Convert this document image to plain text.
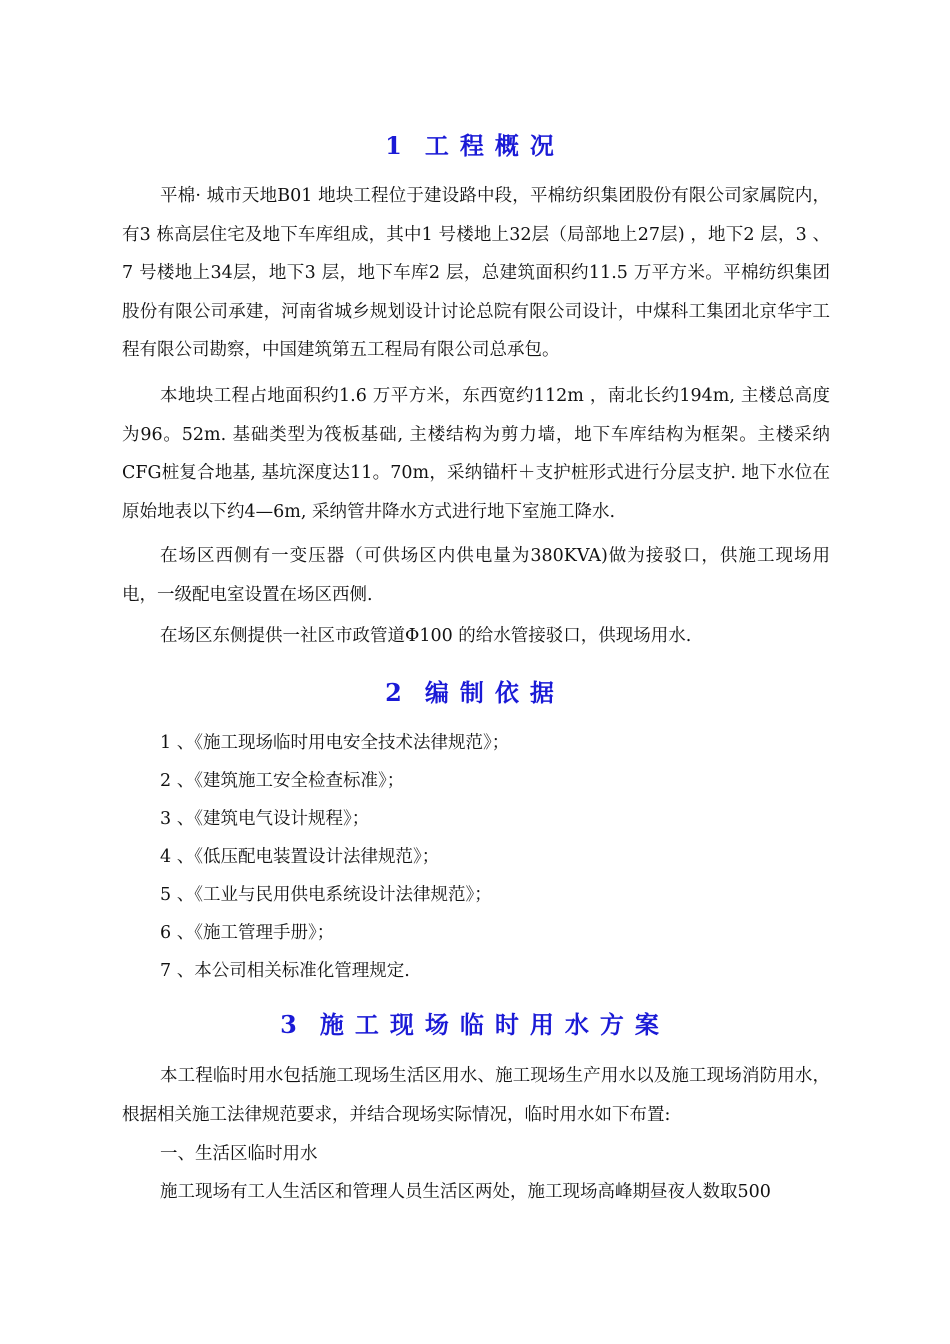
1 工程概况

平棉· 城市天地B01 地块工程位于建设路中段，平棉纺织集团股份有限公司家属院内，有3 栋高层住宅及地下车库组成，其中1 号楼地上32层（局部地上27层) ，地下2 层，3 、7 号楼地上34层，地下3 层，地下车库2 层，总建筑面积约11.5 万平方米。平棉纺织集团股份有限公司承建，河南省城乡规划设计讨论总院有限公司设计，中煤科工集团北京华宇工程有限公司勘察，中国建筑第五工程局有限公司总承包。

本地块工程占地面积约1.6 万平方米，东西宽约112m ，南北长约194m, 主楼总高度为96。52m. 基础类型为筏板基础, 主楼结构为剪力墙，地下车库结构为框架。主楼采纳CFG桩复合地基, 基坑深度达11。70m，采纳锚杆＋支护桩形式进行分层支护. 地下水位在原始地表以下约4—6m, 采纳管井降水方式进行地下室施工降水.

在场区西侧有一变压器（可供场区内供电量为380KVA)做为接驳口，供施工现场用电，一级配电室设置在场区西侧.

在场区东侧提供一社区市政管道Φ100 的给水管接驳口，供现场用水.

2 编制依据
1 、《施工现场临时用电安全技术法律规范》；
2 、《建筑施工安全检查标准》；
3 、《建筑电气设计规程》；
4 、《低压配电装置设计法律规范》；
5 、《工业与民用供电系统设计法律规范》；
6 、《施工管理手册》；
7 、本公司相关标准化管理规定.
3 施工现场临时用水方案

本工程临时用水包括施工现场生活区用水、施工现场生产用水以及施工现场消防用水，根据相关施工法律规范要求，并结合现场实际情况，临时用水如下布置:

一、生活区临时用水

施工现场有工人生活区和管理人员生活区两处，施工现场高峰期昼夜人数取500
